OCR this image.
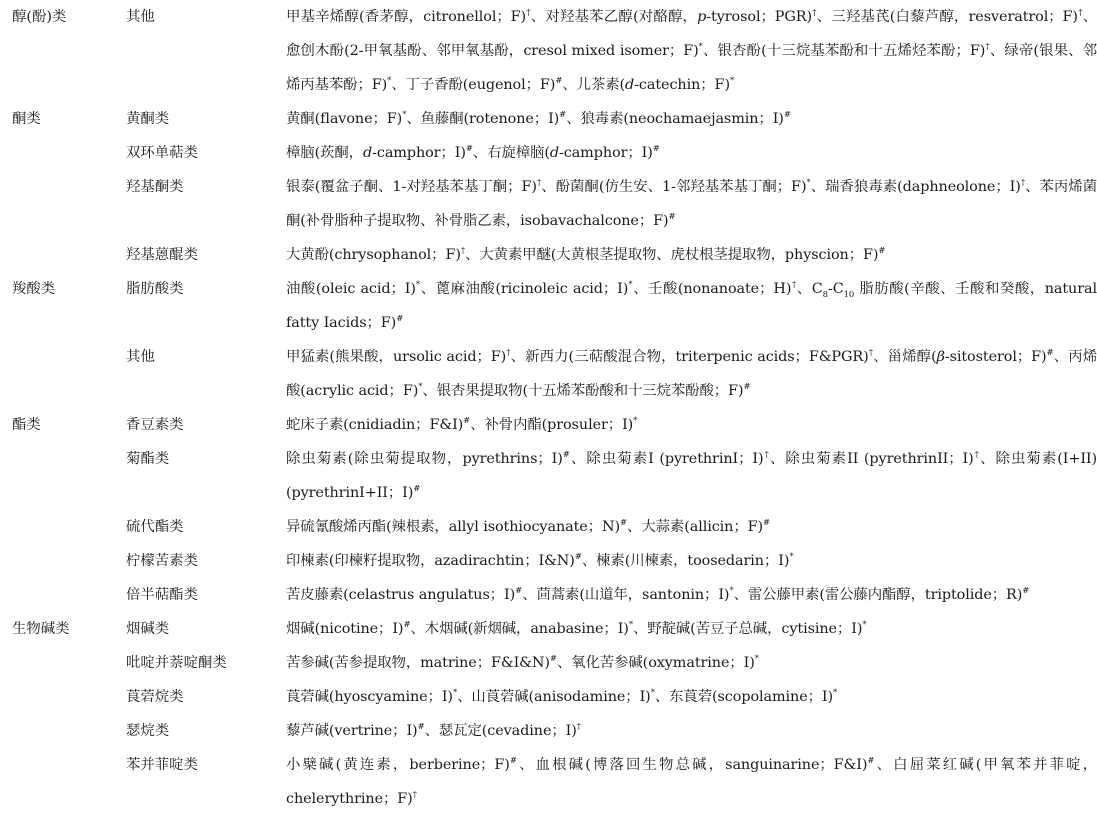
醇(酚)类	其他	甲基辛烯醇(香茅醇，citronellol；F)†、对羟基苯乙醇(对酪醇，p-tyrosol；PGR)†、三羟基芪(白藜芦醇，resveratrol；F)†、愈创木酚(2-甲氧基酚、邻甲氧基酚，cresol mixed isomer；F)*、银杏酚(十三烷基苯酚和十五烯烃苯酚；F)†、绿帝(银果、邻烯丙基苯酚；F)*、丁子香酚(eugenol；F)#、儿茶素(d-catechin；F)*
酮类	黄酮类	黄酮(flavone；F)*、鱼藤酮(rotenone；I)#、狼毒素(neochamaejasmin；I)#
	双环单萜类	樟脑(莰酮，d-camphor；I)#、右旋樟脑(d-camphor；I)#
	羟基酮类	银泰(覆盆子酮、1-对羟基苯基丁酮；F)†、酚菌酮(仿生安、1-邻羟基苯基丁酮；F)*、瑞香狼毒素(daphneolone；I)†、苯丙烯菌酮(补骨脂种子提取物、补骨脂乙素，isobavachalcone；F)#
	羟基蒽醌类	大黄酚(chrysophanol；F)†、大黄素甲醚(大黄根茎提取物、虎杖根茎提取物，physcion；F)#
羧酸类	脂肪酸类	油酸(oleic acid；I)*、蓖麻油酸(ricinoleic acid；I)*、壬酸(nonanoate；H)†、$C_8-C_{10}$ 脂肪酸(辛酸、壬酸和癸酸，natural fatty Iacids；F)#
	其他	甲猛素(熊果酸，ursolic acid；F)†、新西力(三萜酸混合物，triterpenic acids；F&PGR)†、甾烯醇(β-sitosterol；F)#、丙烯酸(acrylic acid；F)*、银杏果提取物(十五烯苯酚酸和十三烷苯酚酸；F)#
酯类	香豆素类	蛇床子素(cnidiadin；F&I)#、补骨内酯(prosuler；I)*
	菊酯类	除虫菊素(除虫菊提取物，pyrethrins；I)#、除虫菊素I (pyrethrinI；I)†、除虫菊素II (pyrethrinII；I)†、除虫菊素(I+II) (pyrethrinI+II；I)#
	硫代酯类	异硫氰酸烯丙酯(辣根素，allyl isothiocyanate；N)#、大蒜素(allicin；F)#
	柠檬苦素类	印楝素(印楝籽提取物，azadirachtin；I&N)#、楝素(川楝素，toosedarin；I)*
	倍半萜酯类	苦皮藤素(celastrus angulatus；I)#、茴蒿素(山道年，santonin；I)*、雷公藤甲素(雷公藤内酯醇，triptolide；R)#
生物碱类	烟碱类	烟碱(nicotine；I)#、木烟碱(新烟碱，anabasine；I)*、野靛碱(苦豆子总碱，cytisine；I)*
	吡啶并萘啶酮类	苦参碱(苦参提取物，matrine；F&I&N)#、氧化苦参碱(oxymatrine；I)*
	莨菪烷类	莨菪碱(hyoscyamine；I)*、山莨菪碱(anisodamine；I)*、东莨菪(scopolamine；I)*
	瑟烷类	藜芦碱(vertrine；I)#、瑟瓦定(cevadine；I)†
	苯并菲啶类	小檗碱(黄连素，berberine；F)#、血根碱(博落回生物总碱，sanguinarine；F&I)#、白屈菜红碱(甲氧苯并菲啶，chelerythrine；F)†
